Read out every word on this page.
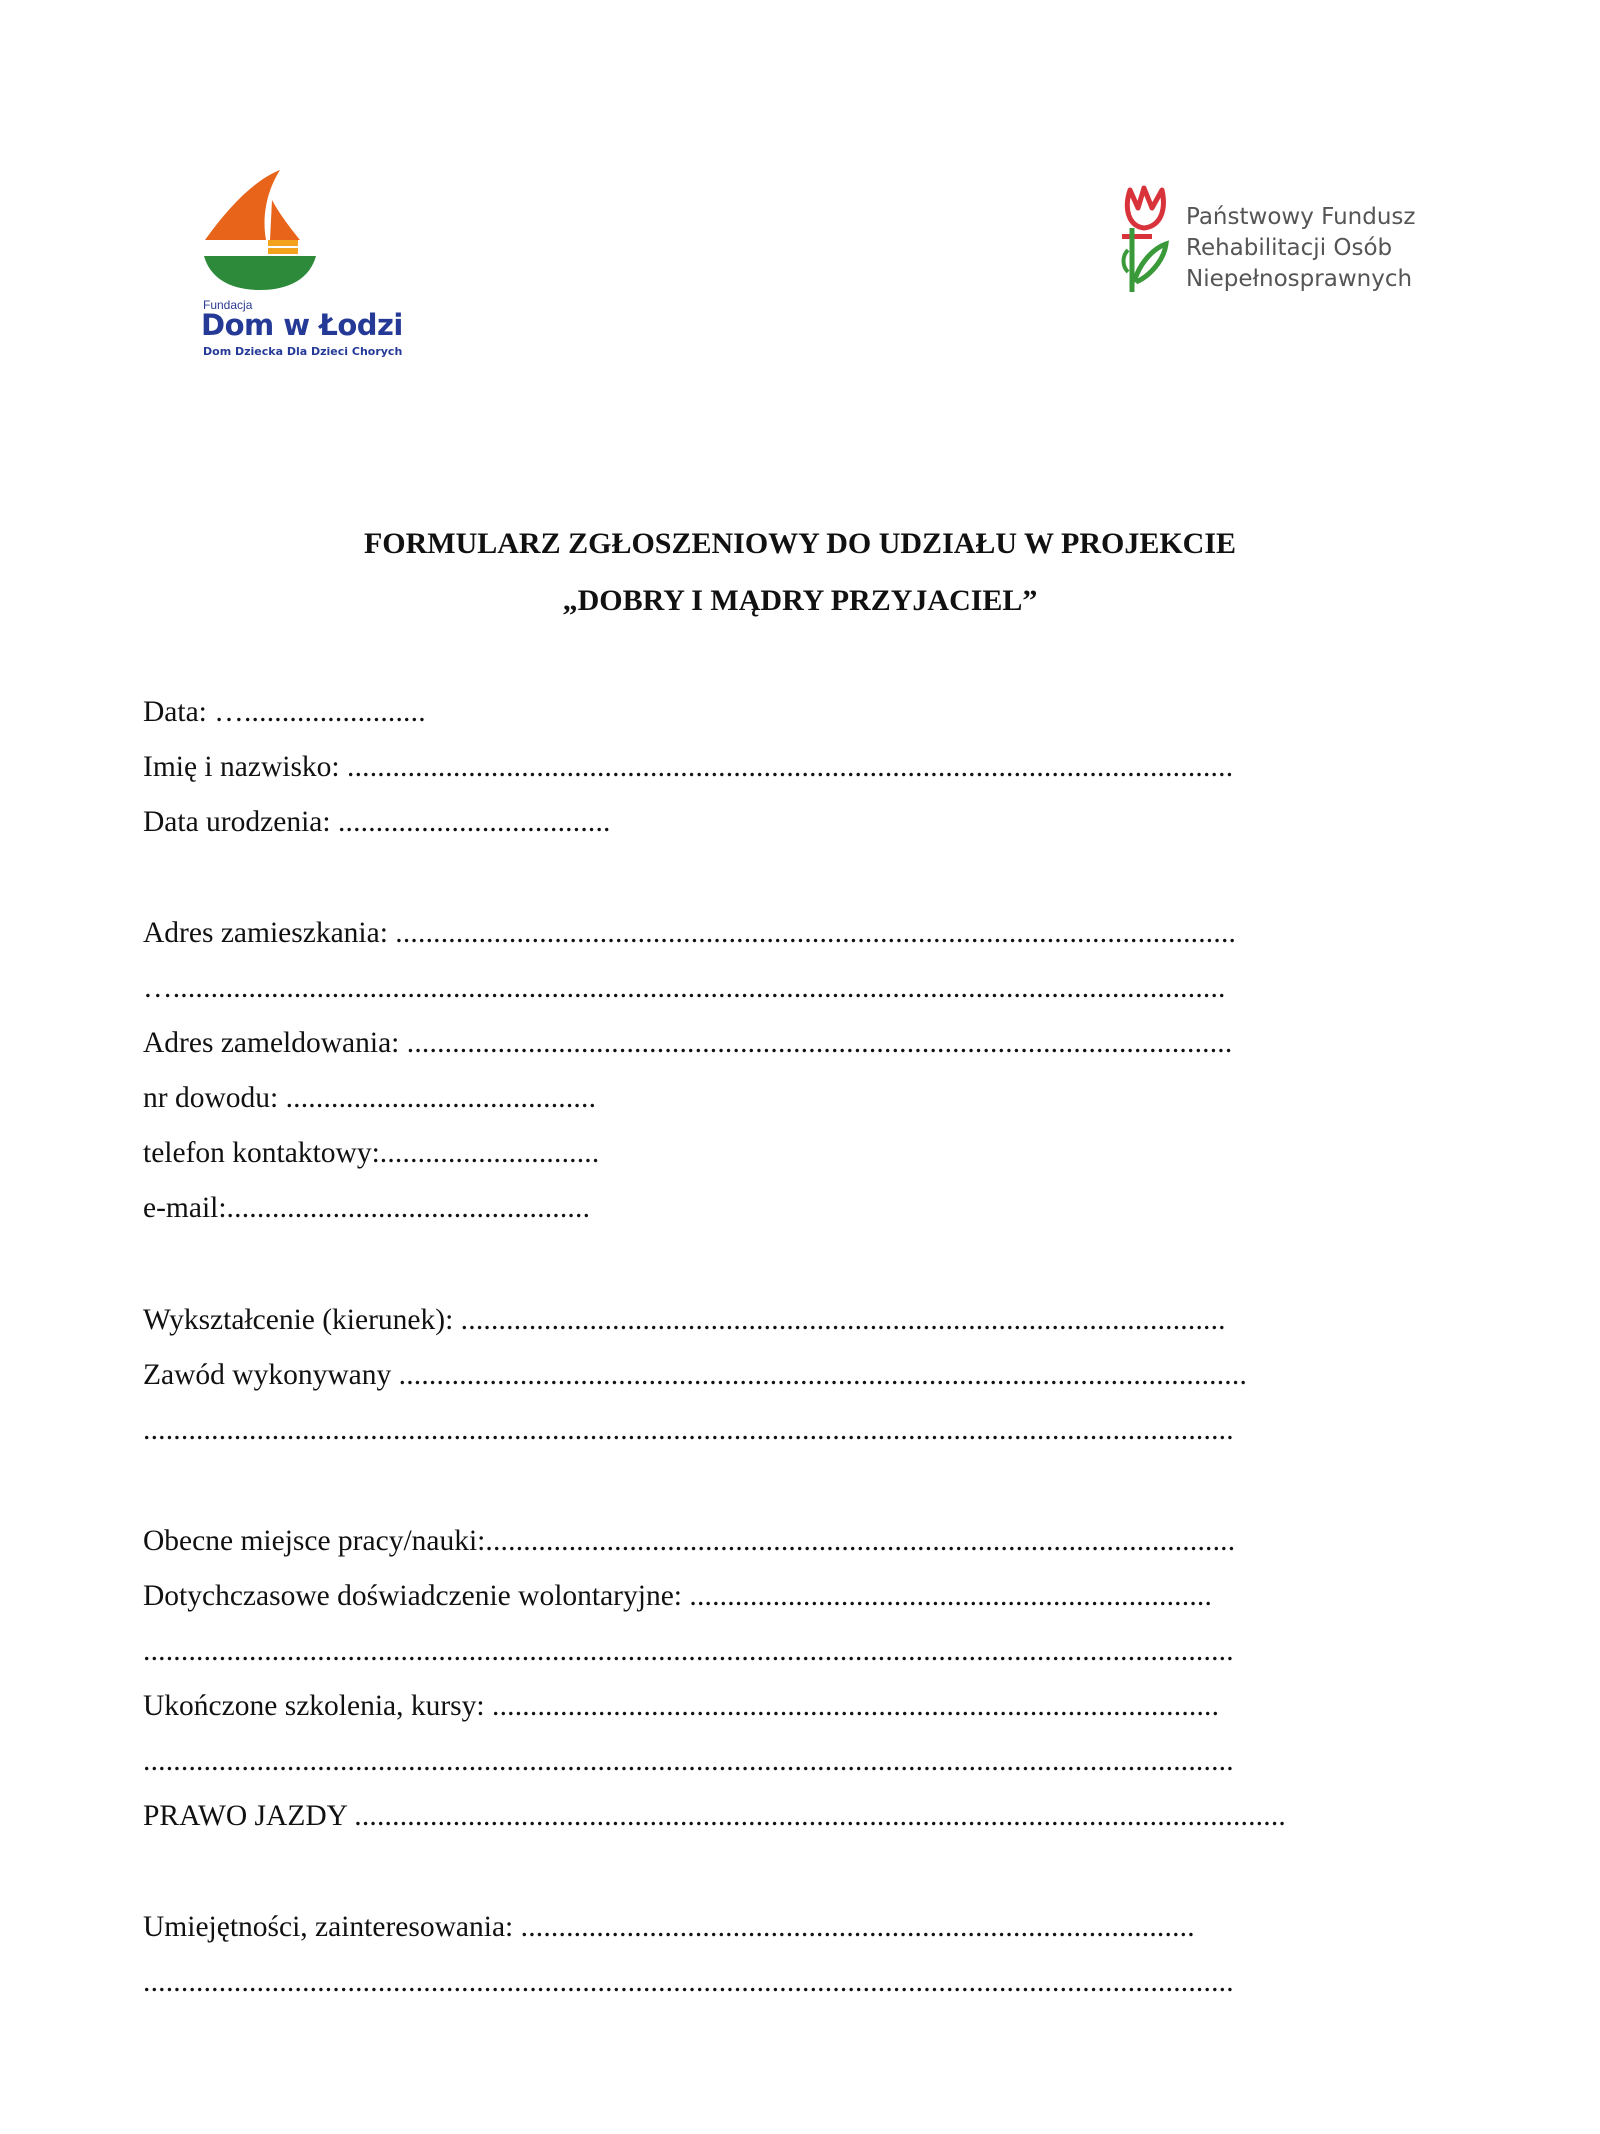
Fundacja
Dom w Łodzi
Dom Dziecka Dla Dzieci Chorych
Państwowy Fundusz
Rehabilitacji Osób
Niepełnosprawnych
FORMULARZ ZGŁOSZENIOWY DO UDZIAŁU W PROJEKCIE
„DOBRY I MĄDRY PRZYJACIEL”
Data: …........................
Imię i nazwisko: .....................................................................................................................
Data urodzenia: ....................................
Adres zamieszkania: ...............................................................................................................
…...........................................................................................................................................
Adres zameldowania: .............................................................................................................
nr dowodu: .........................................
telefon kontaktowy:.............................
e-mail:................................................
Wykształcenie (kierunek): .....................................................................................................
Zawód wykonywany ................................................................................................................
................................................................................................................................................
Obecne miejsce pracy/nauki:...................................................................................................
Dotychczasowe doświadczenie wolontaryjne: .....................................................................
................................................................................................................................................
Ukończone szkolenia, kursy: ................................................................................................
................................................................................................................................................
PRAWO JAZDY ...........................................................................................................................
Umiejętności, zainteresowania: .........................................................................................
................................................................................................................................................
